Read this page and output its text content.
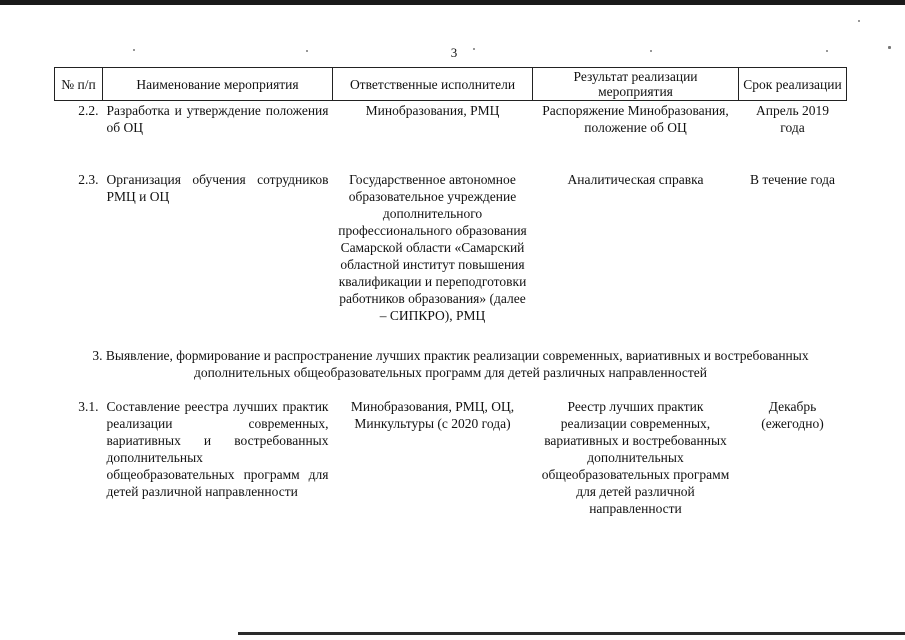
3
№ п/п	Наименование мероприятия	Ответственные исполнители	Результат реализации мероприятия	Срок реализации
2.2.	Разработка и утверждение положения об ОЦ	Минобразования, РМЦ	Распоряжение Минобразования, положение об ОЦ	Апрель 2019 года
2.3.	Организация обучения сотрудников РМЦ и ОЦ	Государственное автономное образовательное учреждение дополнительного профессионального образования Самарской области «Самарский областной институт повышения квалификации и переподготовки работников образования» (далее – СИПКРО), РМЦ	Аналитическая справка	В течение года
3. Выявление, формирование и распространение лучших практик реализации современных, вариативных и востребованных дополнительных общеобразовательных программ для детей различных направленностей				
3.1.	Составление реестра лучших практик реализации современных, вариативных и востребованных дополнительных общеобразовательных программ для детей различной направленности	Минобразования, РМЦ, ОЦ, Минкультуры (с 2020 года)	Реестр лучших практик реализации современных, вариативных и востребованных дополнительных общеобразовательных программ для детей различной направленности	Декабрь (ежегодно)
